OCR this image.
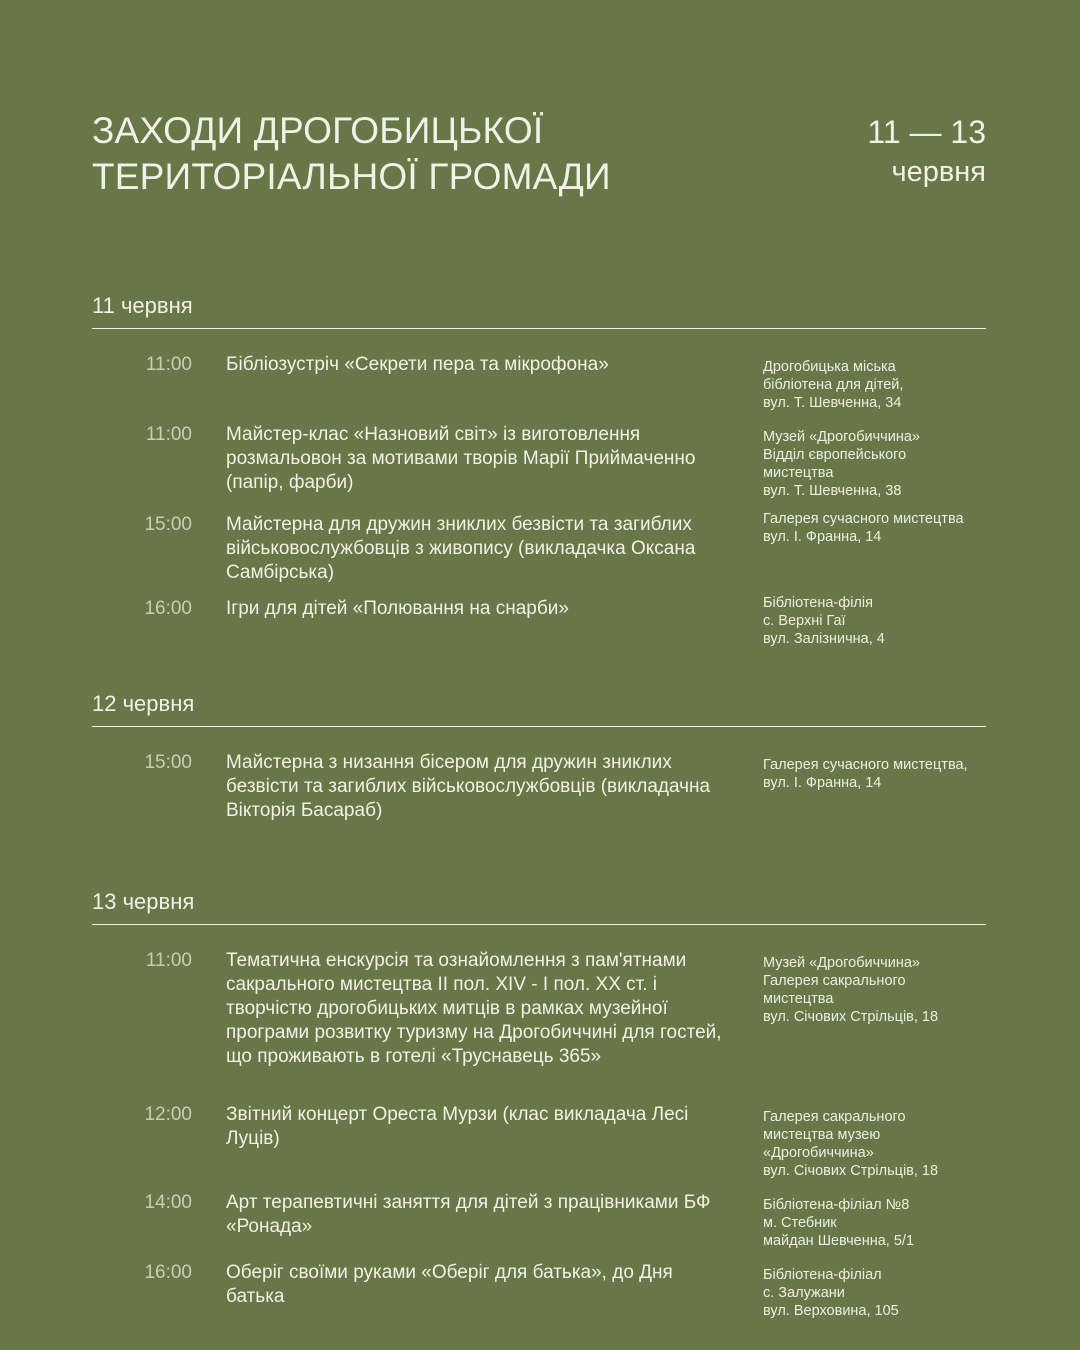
ЗАХОДИ ДРОГОБИЦЬКОЇ
ТЕРИТОРІАЛЬНОЇ ГРОМАДИ
11 — 13
червня
11 червня
11:00 Бібліозустріч «Секрети пера та мікрофона»	Дрогобицька міська
бібліотена для дітей,
вул. Т. Шевченна, 34
11:00 Майстер-клас «Назновий світ» із виготовлення розмальовон за мотивами творів Марії Приймаченно (папір, фарби)
Музей «Дрогобиччина»
Відділ європейського
мистецтва
вул. Т. Шевченна, 38
15:00 Майстерна для дружин зниклих безвісти та загиблих військовослужбовців з живопису (викладачка Оксана Самбірська)
Галерея сучасного мистецтва
вул. І. Франна, 14
16:00 Ігри для дітей «Полювання на снарби»	Бібліотена-філія
с. Верхні Гаї
вул. Залізнична, 4
12 червня
15:00 Майстерна з низання бісером для дружин зниклих безвісти та загиблих військовослужбовців (викладачна Вікторія Басараб)
Галерея сучасного мистецтва,
вул. І. Франна, 14
13 червня
11:00 Тематична енскурсія та ознайомлення з пам'ятнами сакрального мистецтва ІІ пол. XIV - І пол. XX ст. і творчістю дрогобицьких митців в рамках музейної програми розвитку туризму на Дрогобиччині для гостей, що проживають в готелі «Труснавець 365»
Музей «Дрогобиччина»
Галерея сакрального
мистецтва
вул. Січових Стрільців, 18
12:00 Звітний концерт Ореста Мурзи (клас викладача Лесі Луців)
Галерея сакрального
мистецтва музею
«Дрогобиччина»
вул. Січових Стрільців, 18
14:00 Арт терапевтичні заняття для дітей з працівниками БФ «Ронада»
Бібліотена-філіал №8
м. Стебник
майдан Шевченна, 5/1
16:00 Оберіг своїми руками «Оберіг для батька», до Дня батька
Бібліотена-філіал
с. Залужани
вул. Верховина, 105
